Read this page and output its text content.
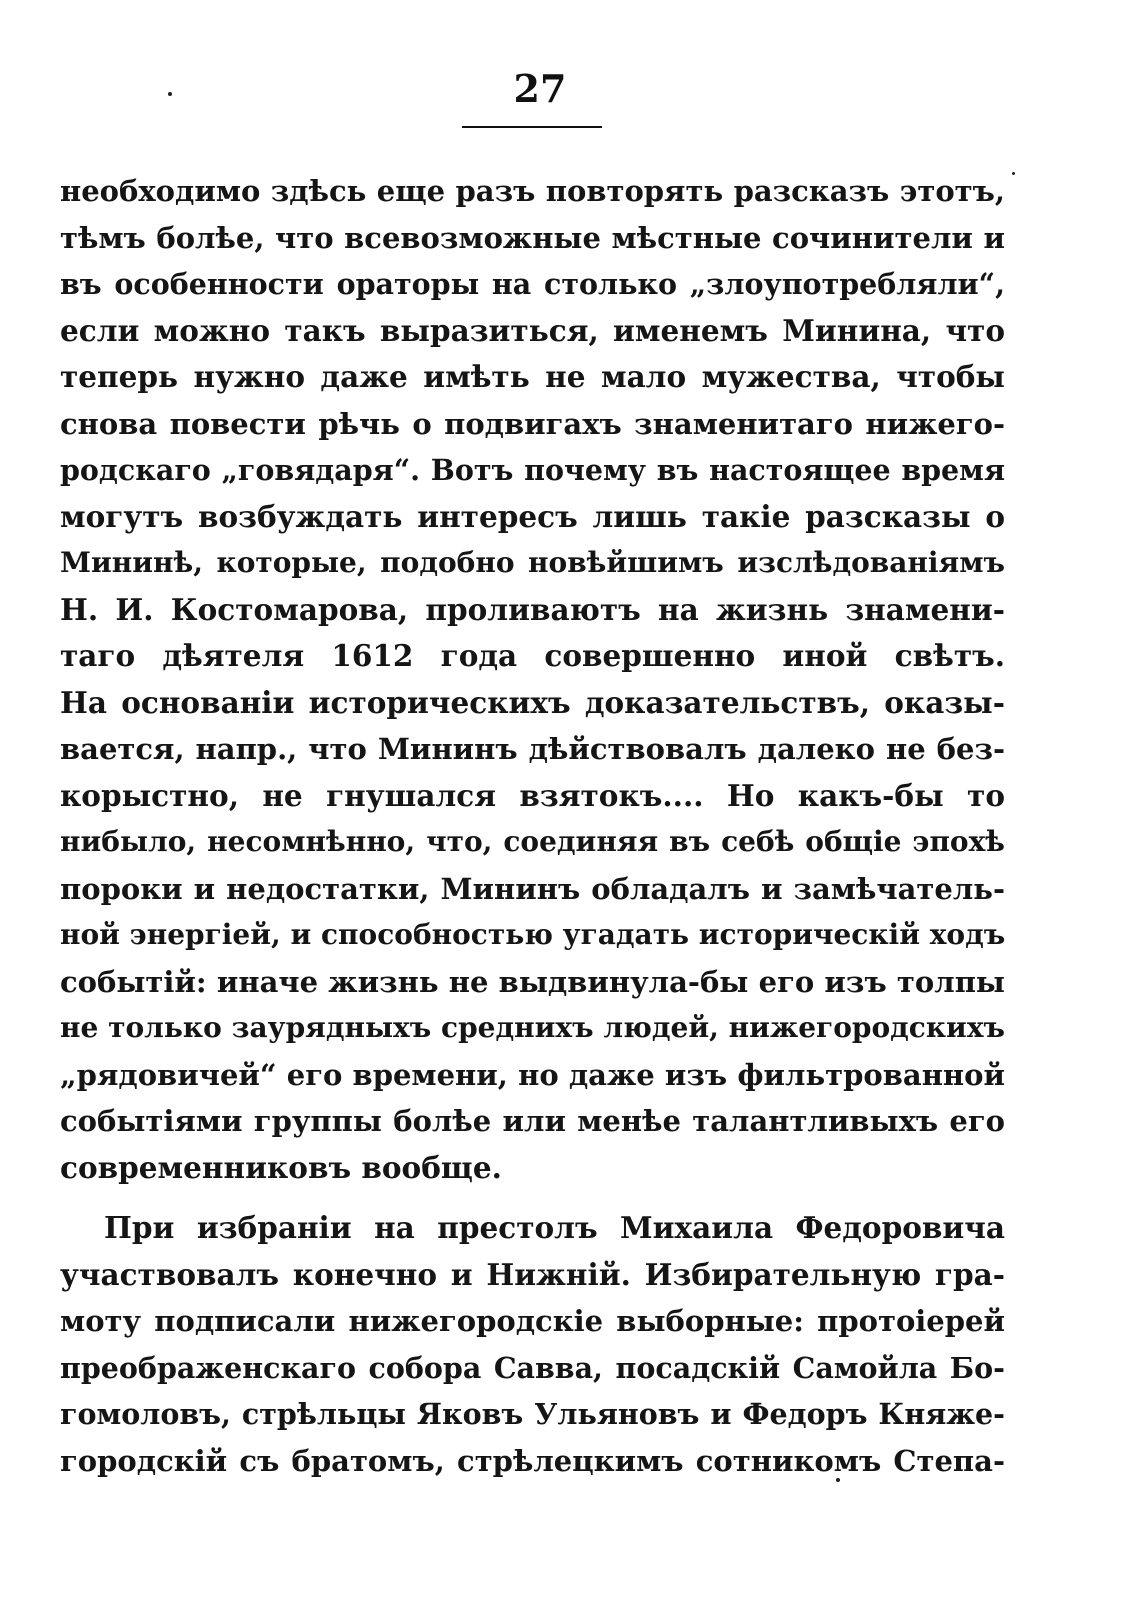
27
необходимо здѣсь еще разъ повторять разсказъ этотъ,
тѣмъ болѣе, что всевозможные мѣстные сочинители и
въ особенности ораторы на столько „злоупотребляли“,
если можно такъ выразиться, именемъ Минина, что
теперь нужно даже имѣть не мало мужества, чтобы
снова повести рѣчь о подвигахъ знаменитаго нижего-
родскаго „говядаря“. Вотъ почему въ настоящее время
могутъ возбуждать интересъ лишь такіе разсказы о
Мининѣ, которые, подобно новѣйшимъ изслѣдованіямъ
Н. И. Костомарова, проливаютъ на жизнь знамени-
таго дѣятеля 1612 года совершенно иной свѣтъ.
На основаніи историческихъ доказательствъ, оказы-
вается, напр., что Мининъ дѣйствовалъ далеко не без-
корыстно, не гнушался взятокъ.... Но какъ-бы то
нибыло, несомнѣнно, что, соединяя въ себѣ общіе эпохѣ
пороки и недостатки, Мининъ обладалъ и замѣчатель-
ной энергіей, и способностью угадать историческій ходъ
событій: иначе жизнь не выдвинула-бы его изъ толпы
не только заурядныхъ среднихъ людей, нижегородскихъ
„рядовичей“ его времени, но даже изъ фильтрованной
событіями группы болѣе или менѣе талантливыхъ его
современниковъ вообще.
При избраніи на престолъ Михаила Федоровича
участвовалъ конечно и Нижній. Избирательную гра-
моту подписали нижегородскіе выборные: протоіерей
преображенскаго собора Савва, посадскій Самойла Бо-
гомоловъ, стрѣльцы Яковъ Ульяновъ и Федоръ Княже-
городскій съ братомъ, стрѣлецкимъ сотникомъ Степа-
